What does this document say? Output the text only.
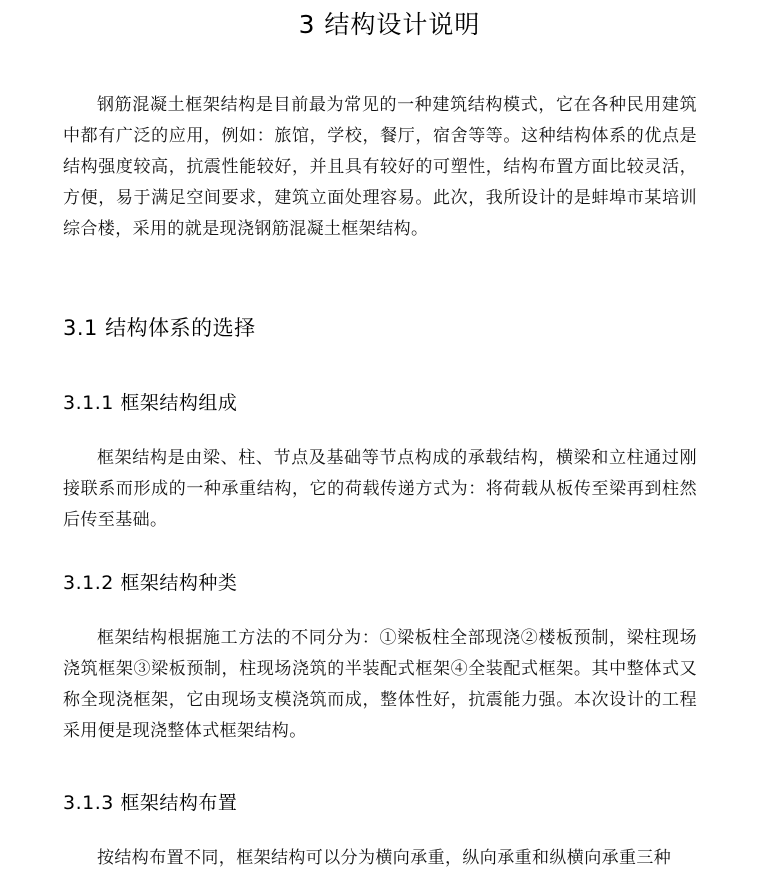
3 结构设计说明

钢筋混凝土框架结构是目前最为常见的一种建筑结构模式，它在各种民用建筑中都有广泛的应用，例如：旅馆，学校，餐厅，宿舍等等。这种结构体系的优点是结构强度较高，抗震性能较好，并且具有较好的可塑性，结构布置方面比较灵活，方便，易于满足空间要求，建筑立面处理容易。此次，我所设计的是蚌埠市某培训综合楼，采用的就是现浇钢筋混凝土框架结构。

3.1 结构体系的选择
3.1.1 框架结构组成

框架结构是由梁、柱、节点及基础等节点构成的承载结构，横梁和立柱通过刚接联系而形成的一种承重结构，它的荷载传递方式为：将荷载从板传至梁再到柱然后传至基础。

3.1.2 框架结构种类

框架结构根据施工方法的不同分为：①梁板柱全部现浇②楼板预制，梁柱现场浇筑框架③梁板预制，柱现场浇筑的半装配式框架④全装配式框架。其中整体式又称全现浇框架，它由现场支模浇筑而成，整体性好，抗震能力强。本次设计的工程采用便是现浇整体式框架结构。

3.1.3 框架结构布置

按结构布置不同，框架结构可以分为横向承重，纵向承重和纵横向承重三种
